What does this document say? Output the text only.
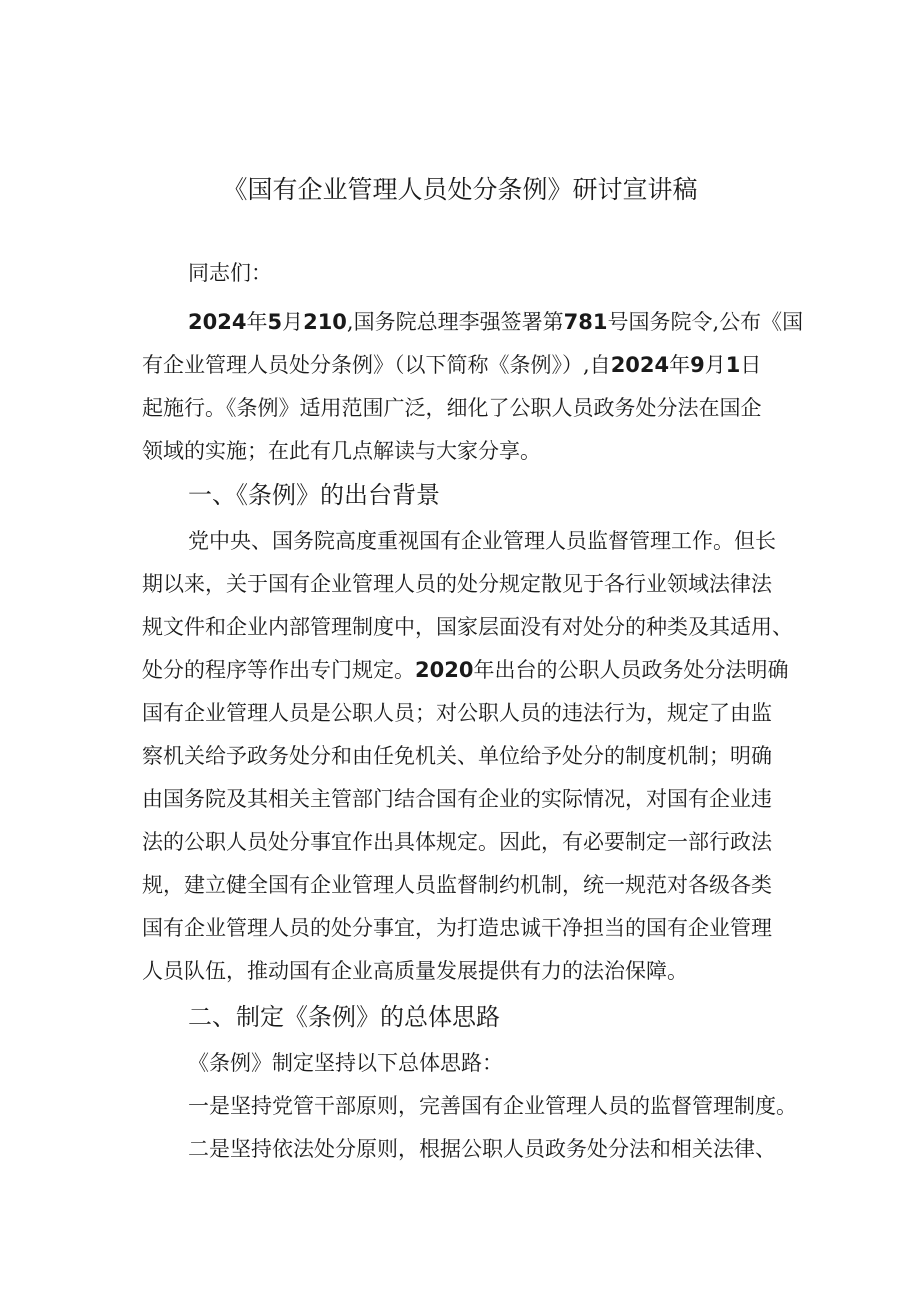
《国有企业管理人员处分条例》研讨宣讲稿
同志们：
2024年5月210,国务院总理李强签署第781号国务院令,公布《国
有企业管理人员处分条例》（以下简称《条例》）,自2024年9月1日
起施行。《条例》适用范围广泛，细化了公职人员政务处分法在国企
领域的实施；在此有几点解读与大家分享。
一、《条例》的出台背景
党中央、国务院高度重视国有企业管理人员监督管理工作。但长
期以来，关于国有企业管理人员的处分规定散见于各行业领域法律法
规文件和企业内部管理制度中，国家层面没有对处分的种类及其适用、
处分的程序等作出专门规定。2020年出台的公职人员政务处分法明确
国有企业管理人员是公职人员；对公职人员的违法行为，规定了由监
察机关给予政务处分和由任免机关、单位给予处分的制度机制；明确
由国务院及其相关主管部门结合国有企业的实际情况，对国有企业违
法的公职人员处分事宜作出具体规定。因此，有必要制定一部行政法
规，建立健全国有企业管理人员监督制约机制，统一规范对各级各类
国有企业管理人员的处分事宜，为打造忠诚干净担当的国有企业管理
人员队伍，推动国有企业高质量发展提供有力的法治保障。
二、制定《条例》的总体思路
《条例》制定坚持以下总体思路：
一是坚持党管干部原则，完善国有企业管理人员的监督管理制度。
二是坚持依法处分原则，根据公职人员政务处分法和相关法律、
